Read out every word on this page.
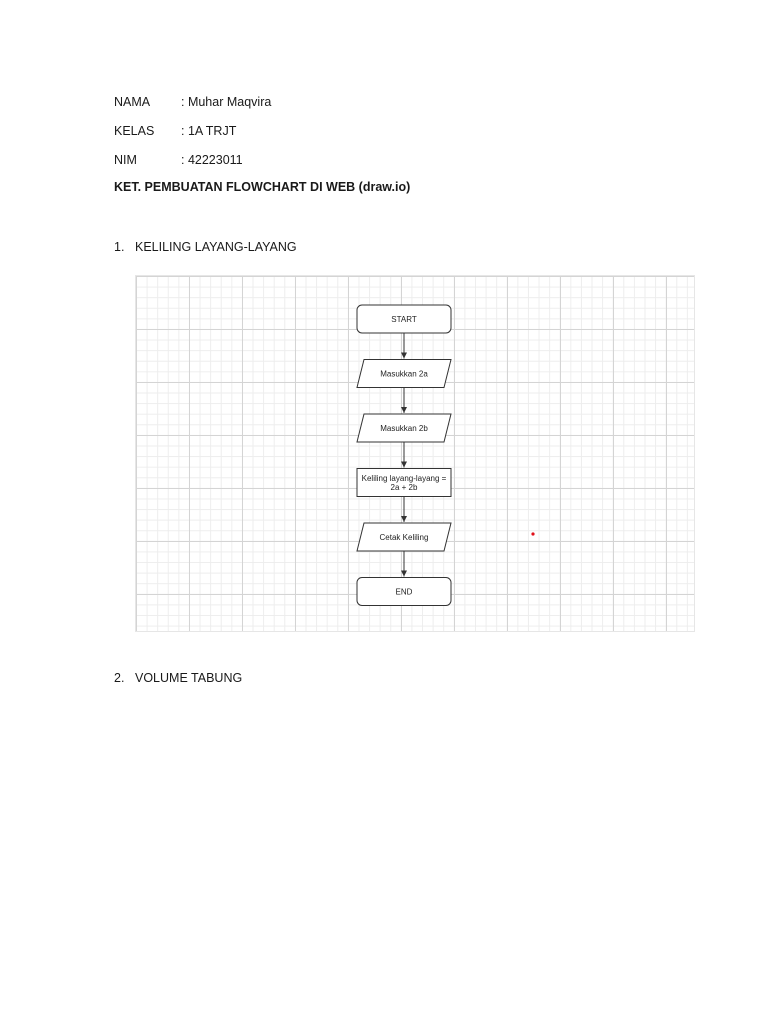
NAMA : Muhar Maqvira
KELAS : 1A TRJT
NIM	: 42223011
KET. PEMBUATAN FLOWCHART DI WEB (draw.io)
1. KELILING LAYANG-LAYANG
START
Masukkan 2a
Masukkan 2b
Keliling layang-layang =
2a + 2b
Cetak Keliling
END
2. VOLUME TABUNG
